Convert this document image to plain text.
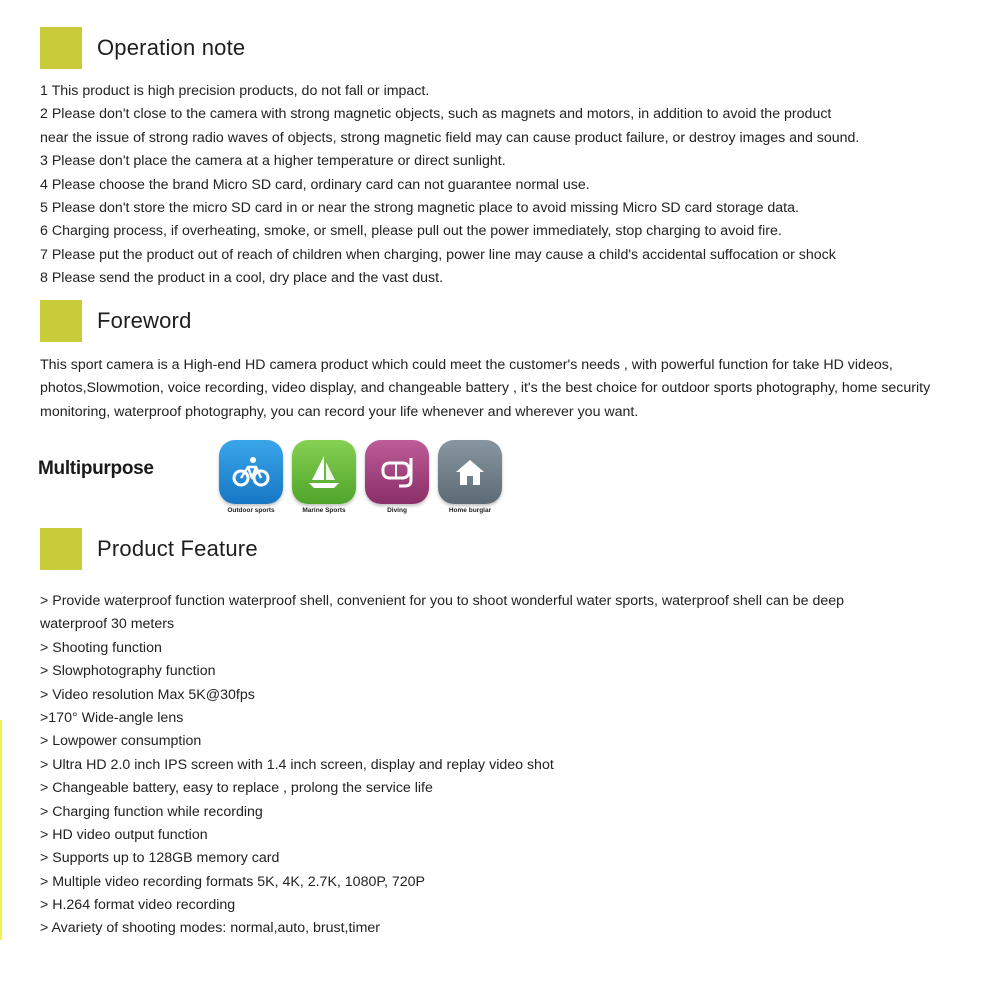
Operation note
1 This product is high precision products, do not fall or impact.
2 Please don't close to the camera with strong magnetic objects, such as magnets and motors, in addition to avoid the product
near the issue of strong radio waves of objects, strong magnetic field may can cause product failure, or destroy images and sound.
3 Please don't place the camera at a higher temperature or direct sunlight.
4 Please choose the brand Micro SD card, ordinary card can not guarantee normal use.
5 Please don't store the micro SD card in or near the strong magnetic place to avoid missing Micro SD card storage data.
6 Charging process, if overheating, smoke, or smell, please pull out the power immediately, stop charging to avoid fire.
7 Please put the product out of reach of children when charging, power line may cause a child's accidental suffocation or shock
8 Please send the product in a cool, dry place and the vast dust.
Foreword

This sport camera is a High-end HD camera product which could meet the customer's needs , with powerful function for take HD videos, photos,Slowmotion, voice recording, video display, and changeable battery , it's the best choice for outdoor sports photography, home security monitoring, waterproof photography, you can record your life whenever and wherever you want.

Multipurpose
Outdoor sports	Marine Sports	Diving	Home burglar
Product Feature
> Provide waterproof function waterproof shell, convenient for you to shoot wonderful water sports, waterproof shell can be deep
waterproof 30 meters
> Shooting function
> Slowphotography function
> Video resolution Max 5K@30fps
>170° Wide-angle lens
> Lowpower consumption
> Ultra HD 2.0 inch IPS screen with 1.4 inch screen, display and replay video shot
> Changeable battery, easy to replace , prolong the service life
> Charging function while recording
> HD video output function
> Supports up to 128GB memory card
> Multiple video recording formats 5K, 4K, 2.7K, 1080P, 720P
> H.264 format video recording
> Avariety of shooting modes: normal,auto, brust,timer
